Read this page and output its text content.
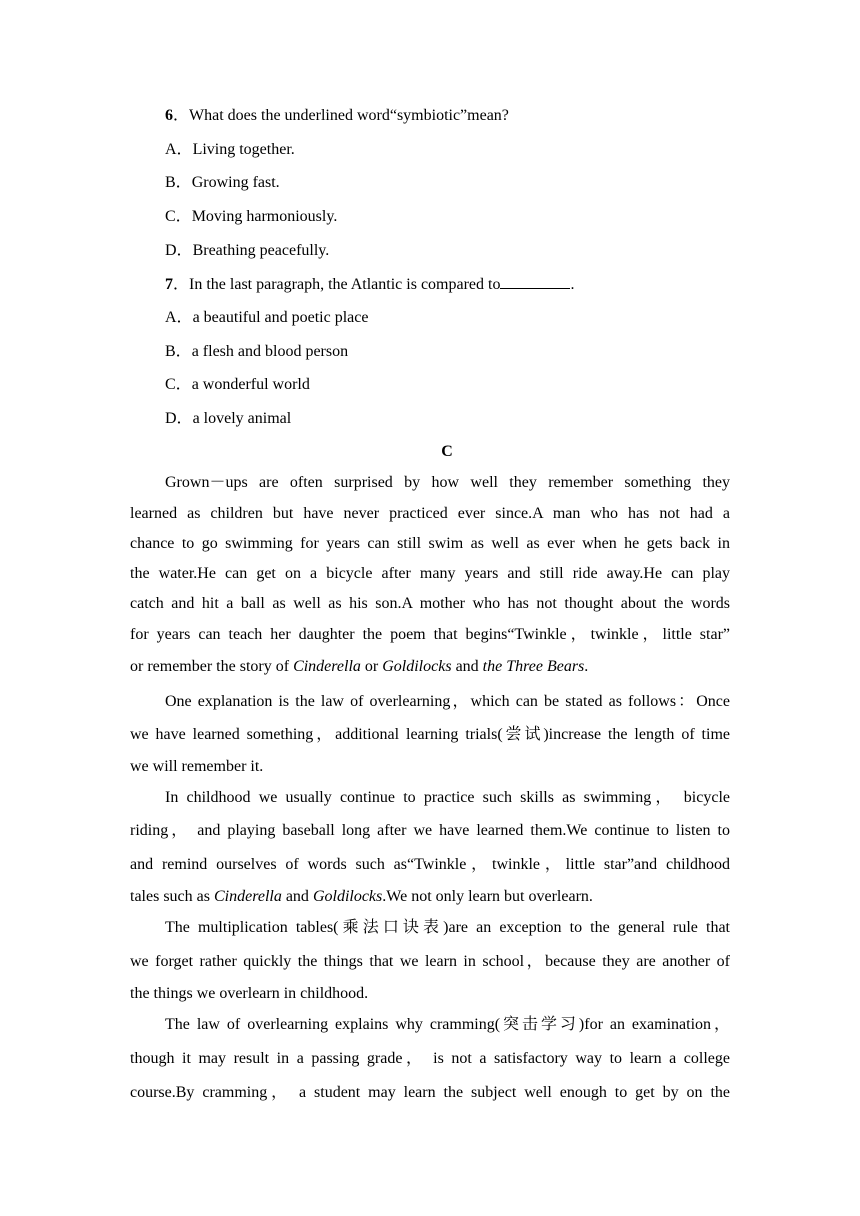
6．What does the underlined word“symbiotic”mean?
A．Living together.
B．Growing fast.
C．Moving harmoniously.
D．Breathing peacefully.
7．In the last paragraph, the Atlantic is compared to	.
A．a beautiful and poetic place
B．a flesh and blood person
C．a wonderful world
D．a lovely animal
C
Grown－ups are often surprised by how well they remember something they
learned as children but have never practiced ever since.A man who has not had a
chance to go swimming for years can still swim as well as ever when he gets back in
the water.He can get on a bicycle after many years and still ride away.He can play
catch and hit a ball as well as his son.A mother who has not thought about the words
for years can teach her daughter the poem that begins“Twinkle，twinkle，little star”
or remember the story of Cinderella or Goldilocks and the Three Bears.
One explanation is the law of overlearning，which can be stated as follows：Once
we have learned something，additional learning trials(尝试)increase the length of time
we will remember it.
In childhood we usually continue to practice such skills as swimming， bicycle
riding， and playing baseball long after we have learned them.We continue to listen to
and remind ourselves of words such as“Twinkle，twinkle，little star”and childhood
tales such as Cinderella and Goldilocks.We not only learn but overlearn.
The multiplication tables(乘法口诀表)are an exception to the general rule that
we forget rather quickly the things that we learn in school，because they are another of
the things we overlearn in childhood.
The law of overlearning explains why cramming(突击学习)for an examination，
though it may result in a passing grade， is not a satisfactory way to learn a college
course.By cramming， a student may learn the subject well enough to get by on the
